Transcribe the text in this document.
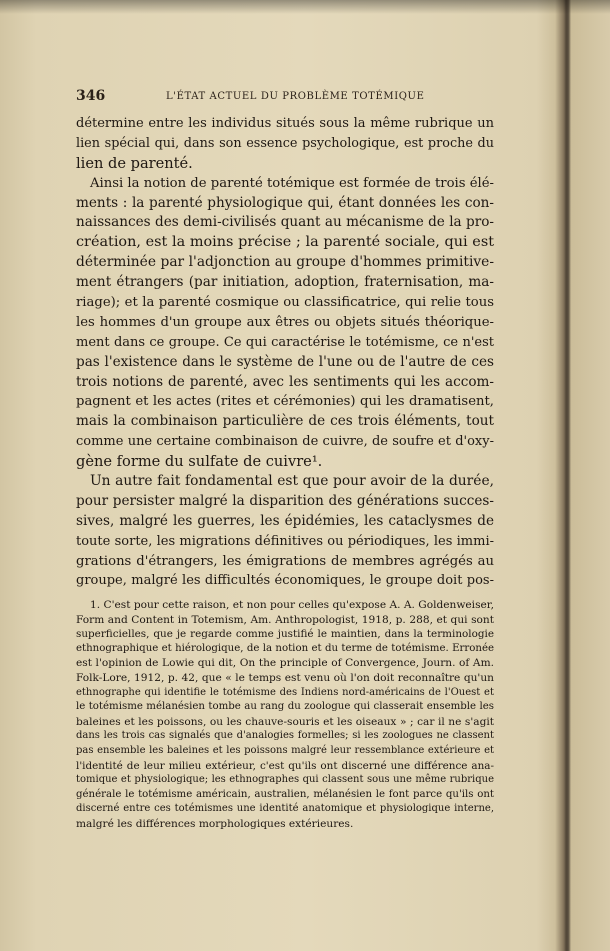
346	L'ÉTAT ACTUEL DU PROBLÈME TOTÉMIQUE
détermine entre les individus situés sous la même rubrique un
lien spécial qui, dans son essence psychologique, est proche du
lien de parenté.
Ainsi la notion de parenté totémique est formée de trois élé-
ments : la parenté physiologique qui, étant données les con-
naissances des demi-civilisés quant au mécanisme de la pro-
création, est la moins précise ; la parenté sociale, qui est
déterminée par l'adjonction au groupe d'hommes primitive-
ment étrangers (par initiation, adoption, fraternisation, ma-
riage); et la parenté cosmique ou classificatrice, qui relie tous
les hommes d'un groupe aux êtres ou objets situés théorique-
ment dans ce groupe. Ce qui caractérise le totémisme, ce n'est
pas l'existence dans le système de l'une ou de l'autre de ces
trois notions de parenté, avec les sentiments qui les accom-
pagnent et les actes (rites et cérémonies) qui les dramatisent,
mais la combinaison particulière de ces trois éléments, tout
comme une certaine combinaison de cuivre, de soufre et d'oxy-
gène forme du sulfate de cuivre¹.
Un autre fait fondamental est que pour avoir de la durée,
pour persister malgré la disparition des générations succes-
sives, malgré les guerres, les épidémies, les cataclysmes de
toute sorte, les migrations définitives ou périodiques, les immi-
grations d'étrangers, les émigrations de membres agrégés au
groupe, malgré les difficultés économiques, le groupe doit pos-
1. C'est pour cette raison, et non pour celles qu'expose A. A. Goldenweiser,
Form and Content in Totemism, Am. Anthropologist, 1918, p. 288, et qui sont
superficielles, que je regarde comme justifié le maintien, dans la terminologie
ethnographique et hiérologique, de la notion et du terme de totémisme. Erronée
est l'opinion de Lowie qui dit, On the principle of Convergence, Journ. of Am.
Folk-Lore, 1912, p. 42, que « le temps est venu où l'on doit reconnaître qu'un
ethnographe qui identifie le totémisme des Indiens nord-américains de l'Ouest et
le totémisme mélanésien tombe au rang du zoologue qui classerait ensemble les
baleines et les poissons, ou les chauve-souris et les oiseaux » ; car il ne s'agit
dans les trois cas signalés que d'analogies formelles; si les zoologues ne classent
pas ensemble les baleines et les poissons malgré leur ressemblance extérieure et
l'identité de leur milieu extérieur, c'est qu'ils ont discerné une différence ana-
tomique et physiologique; les ethnographes qui classent sous une même rubrique
générale le totémisme américain, australien, mélanésien le font parce qu'ils ont
discerné entre ces totémismes une identité anatomique et physiologique interne,
malgré les différences morphologiques extérieures.
